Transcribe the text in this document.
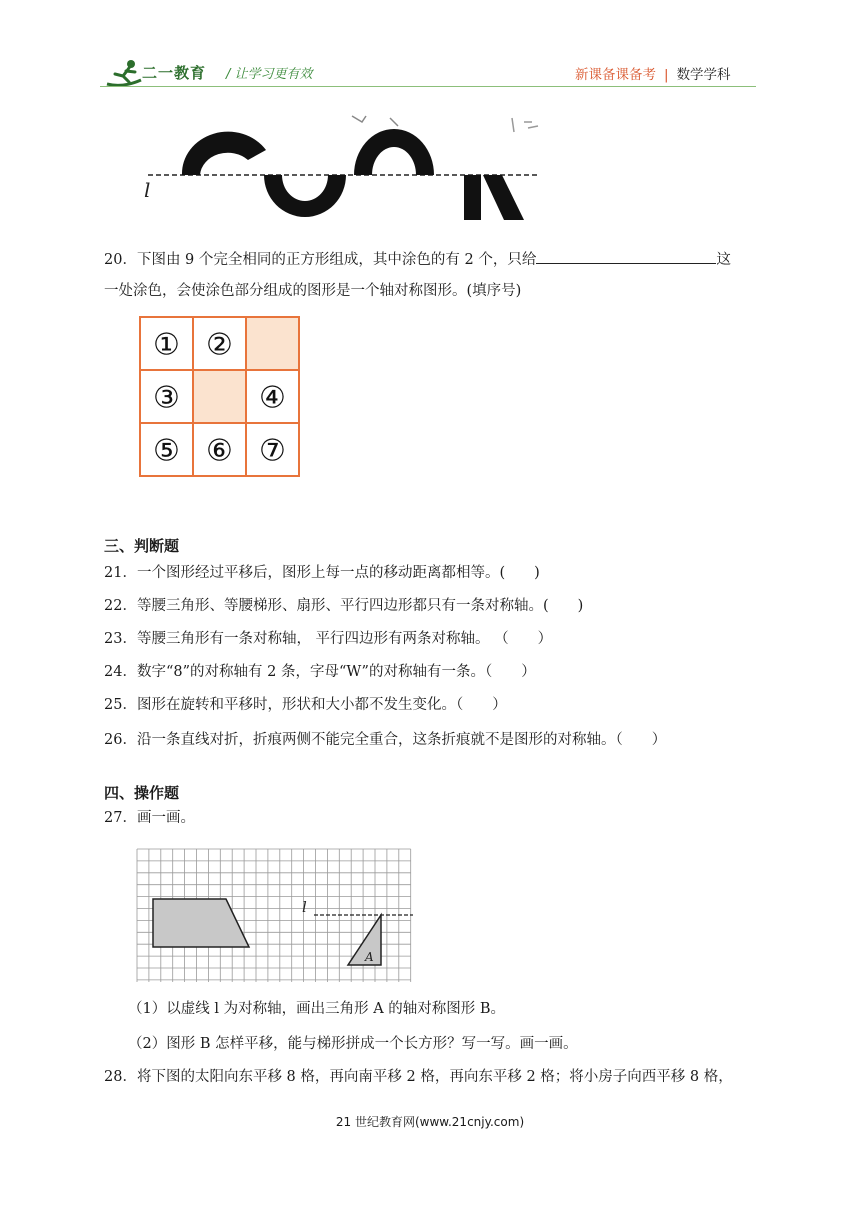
二一教育 / 让学习更有效	新课备课备考 | 数学学科
l
20．下图由 9 个完全相同的正方形组成，其中涂色的有 2 个，只给	这
一处涂色，会使涂色部分组成的图形是一个轴对称图形。(填序号)
① ②
③	④
⑤ ⑥ ⑦
三、判断题
21．一个图形经过平移后，图形上每一点的移动距离都相等。(　　)
22．等腰三角形、等腰梯形、扇形、平行四边形都只有一条对称轴。(　　)
23．等腰三角形有一条对称轴， 平行四边形有两条对称轴。 （　　）
24．数字“8”的对称轴有 2 条，字母“W”的对称轴有一条。（　　）
25．图形在旋转和平移时，形状和大小都不发生变化。（　　）
26．沿一条直线对折，折痕两侧不能完全重合，这条折痕就不是图形的对称轴。（　　）
四、操作题
27．画一画。
l
A
（1）以虚线 l 为对称轴，画出三角形 A 的轴对称图形 B。
（2）图形 B 怎样平移，能与梯形拼成一个长方形？写一写。画一画。
28．将下图的太阳向东平移 8 格，再向南平移 2 格，再向东平移 2 格；将小房子向西平移 8 格，
21 世纪教育网(www.21cnjy.com)
